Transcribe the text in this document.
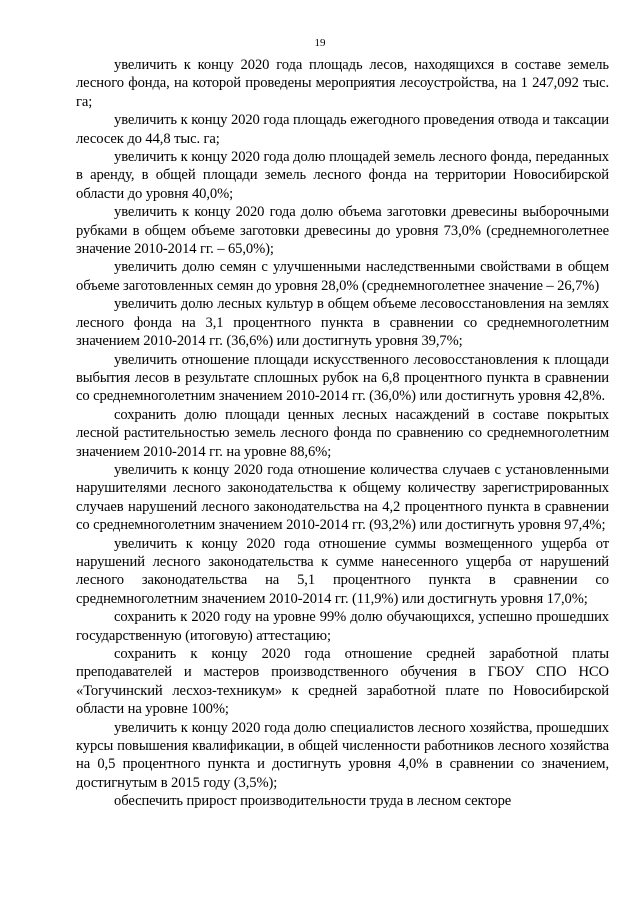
19

увеличить к концу 2020 года площадь лесов, находящихся в составе земель лесного фонда, на которой проведены мероприятия лесоустройства, на 1 247,092 тыс. га;

увеличить к концу 2020 года площадь ежегодного проведения отвода и таксации лесосек до 44,8 тыс. га;

увеличить к концу 2020 года долю площадей земель лесного фонда, переданных в аренду, в общей площади земель лесного фонда на территории Новосибирской области до уровня 40,0%;

увеличить к концу 2020 года долю объема заготовки древесины выборочными рубками в общем объеме заготовки древесины до уровня 73,0% (среднемноголетнее значение 2010-2014 гг. – 65,0%);

увеличить долю семян с улучшенными наследственными свойствами в общем объеме заготовленных семян до уровня 28,0% (среднемноголетнее значение – 26,7%)

увеличить долю лесных культур в общем объеме лесовосстановления на землях лесного фонда на 3,1 процентного пункта в сравнении со среднемноголетним значением 2010-2014 гг. (36,6%) или достигнуть уровня 39,7%;

увеличить отношение площади искусственного лесовосстановления к площади выбытия лесов в результате сплошных рубок на 6,8 процентного пункта в сравнении со среднемноголетним значением 2010-2014 гг. (36,0%) или достигнуть уровня 42,8%.

сохранить долю площади ценных лесных насаждений в составе покрытых лесной растительностью земель лесного фонда по сравнению со среднемноголетним значением 2010-2014 гг. на уровне 88,6%;

увеличить к концу 2020 года отношение количества случаев с установленными нарушителями лесного законодательства к общему количеству зарегистрированных случаев нарушений лесного законодательства на 4,2 процентного пункта в сравнении со среднемноголетним значением 2010-2014 гг. (93,2%) или достигнуть уровня 97,4%;

увеличить к концу 2020 года отношение суммы возмещенного ущерба от нарушений лесного законодательства к сумме нанесенного ущерба от нарушений лесного законодательства на 5,1 процентного пункта в сравнении со среднемноголетним значением 2010-2014 гг. (11,9%) или достигнуть уровня 17,0%;

сохранить к 2020 году на уровне 99% долю обучающихся, успешно прошедших государственную (итоговую) аттестацию;

сохранить к концу 2020 года отношение средней заработной платы преподавателей и мастеров производственного обучения в ГБОУ СПО НСО «Тогучинский лесхоз-техникум» к средней заработной плате по Новосибирской области на уровне 100%;

увеличить к концу 2020 года долю специалистов лесного хозяйства, прошедших курсы повышения квалификации, в общей численности работников лесного хозяйства на 0,5 процентного пункта и достигнуть уровня 4,0% в сравнении со значением, достигнутым в 2015 году (3,5%);

обеспечить прирост производительности труда в лесном секторе
